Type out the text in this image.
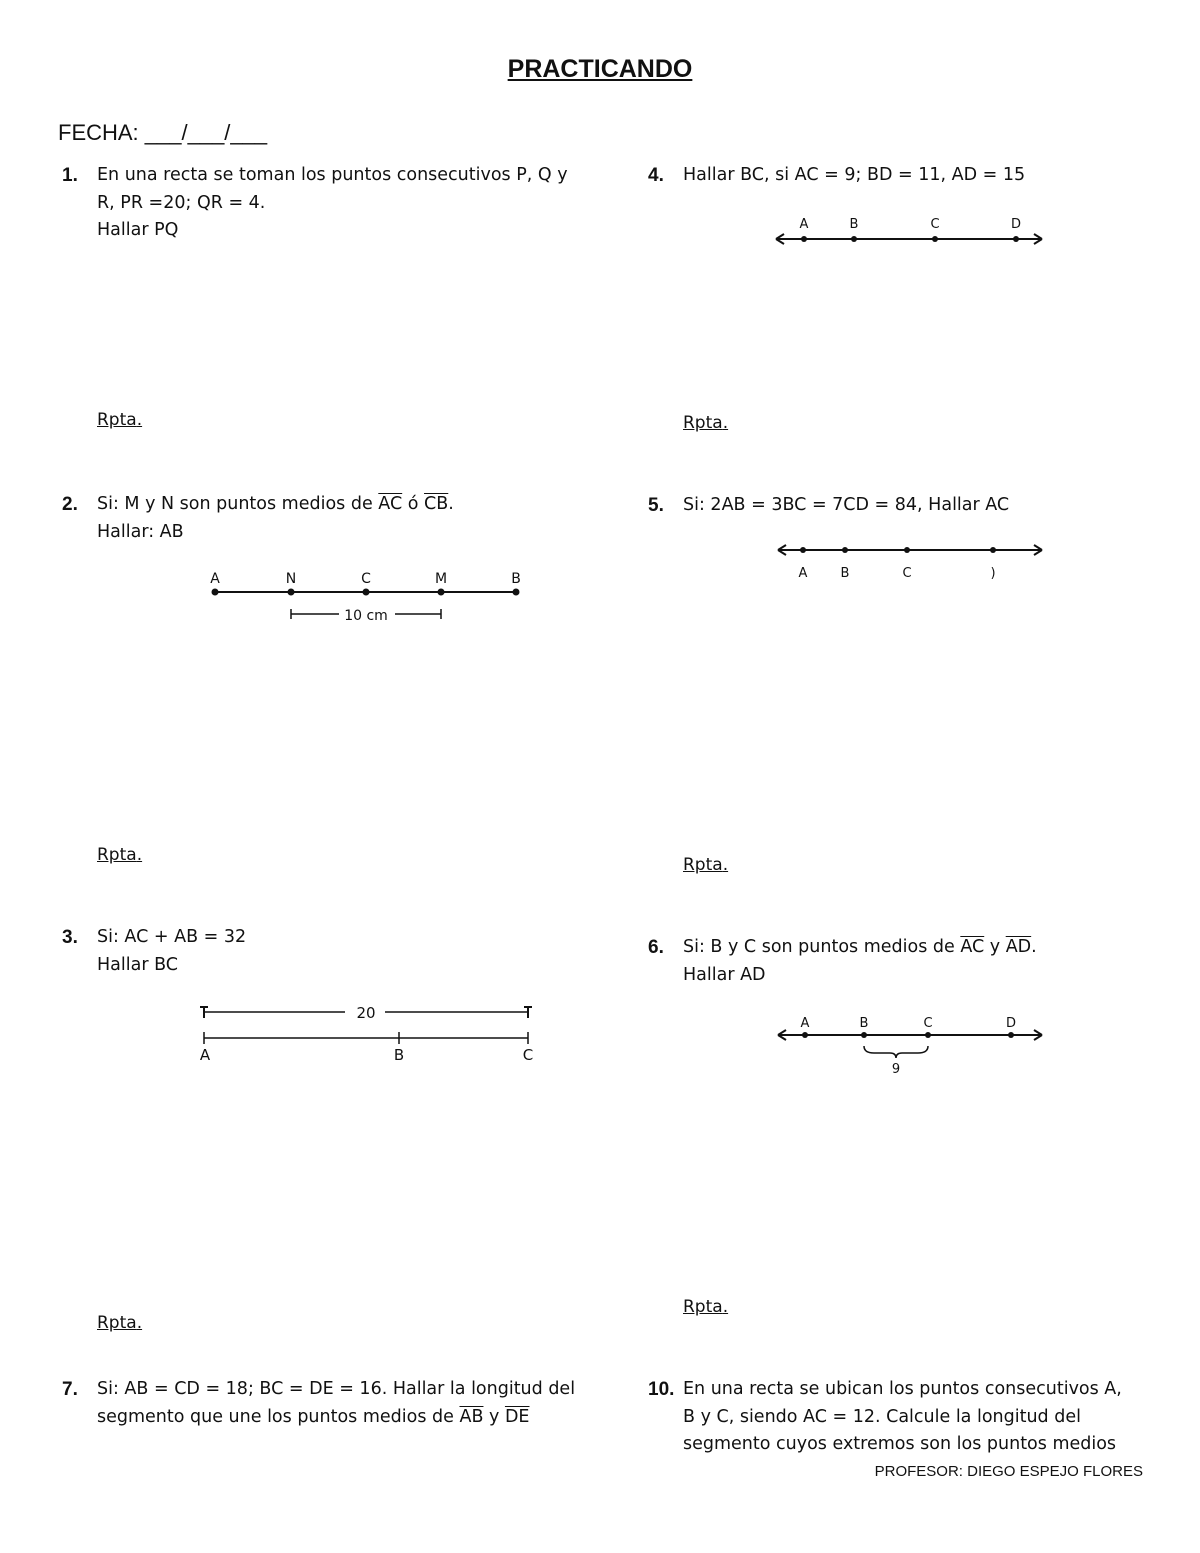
PRACTICANDO
FECHA: ___/___/___
1. En una recta se toman los puntos consecutivos P, Q y
R, PR =20; QR = 4.
Hallar PQ
Rpta.
4. Hallar BC, si AC = 9; BD = 11, AD = 15
A	B	C	D
Rpta.
2. Si: M y N son puntos medios de $\overline{AC}$ ó $\overline{CB}$.
Hallar: AB
A	N	C	M	B
10 cm
Rpta.
5. Si: 2AB = 3BC = 7CD = 84, Hallar AC
A	B	C	)
Rpta.
3. Si: AC + AB = 32
Hallar BC
20
A	B	C
Rpta.
6. Si: B y C son puntos medios de $\overline{AC}$ y $\overline{AD}$.
Hallar AD
A	B	C	D
9
Rpta.
7. Si: AB = CD = 18; BC = DE = 16. Hallar la longitud del
segmento que une los puntos medios de $\overline{AB}$ y $\overline{DE}$
10. En una recta se ubican los puntos consecutivos A,
B y C, siendo AC = 12. Calcule la longitud del
segmento cuyos extremos son los puntos medios
PROFESOR: DIEGO ESPEJO FLORES
